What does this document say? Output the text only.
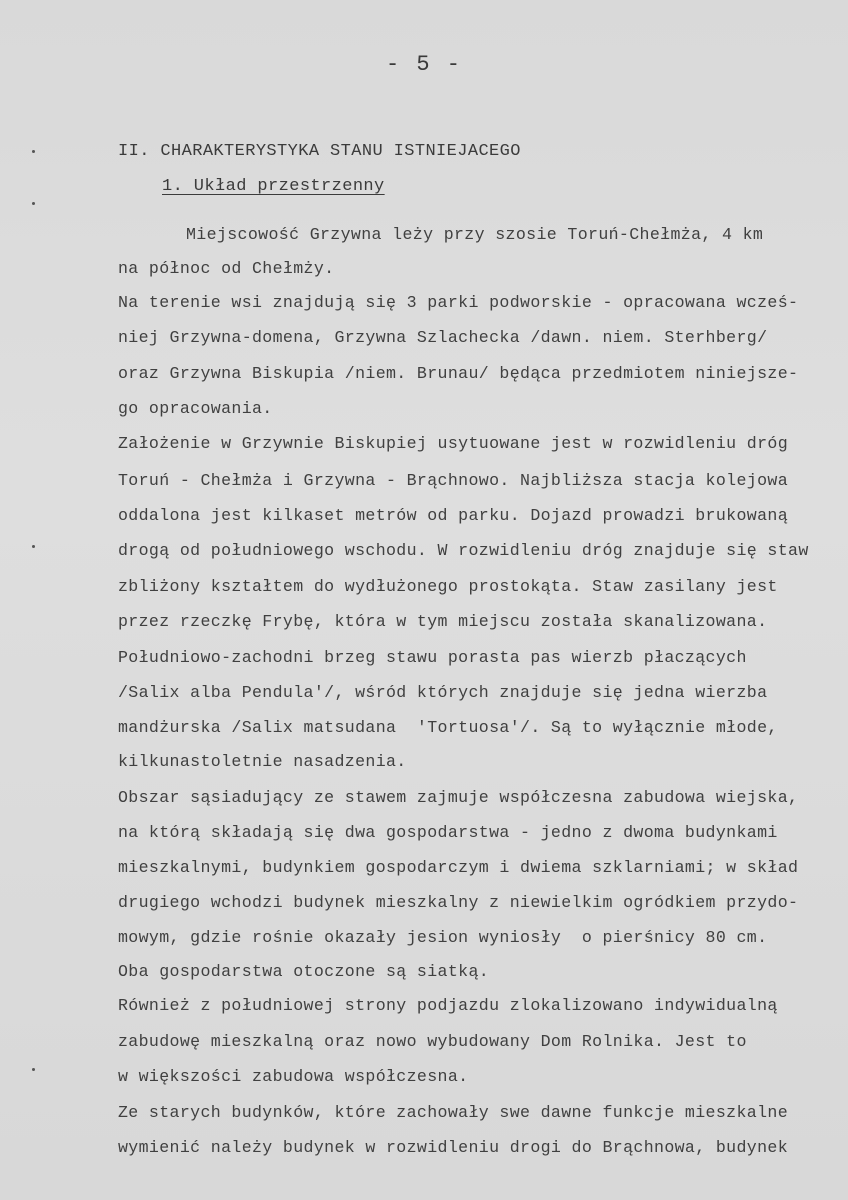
- 5 -
II. CHARAKTERYSTYKA STANU ISTNIEJACEGO
1. Układ przestrzenny
Miejscowość Grzywna leży przy szosie Toruń-Chełmża, 4 km
na północ od Chełmży.
Na terenie wsi znajdują się 3 parki podworskie - opracowana wcześ-
niej Grzywna-domena, Grzywna Szlachecka /dawn. niem. Sterhberg/
oraz Grzywna Biskupia /niem. Brunau/ będąca przedmiotem niniejsze-
go opracowania.
Założenie w Grzywnie Biskupiej usytuowane jest w rozwidleniu dróg
Toruń - Chełmża i Grzywna - Brąchnowo. Najbliższa stacja kolejowa
oddalona jest kilkaset metrów od parku. Dojazd prowadzi brukowaną
drogą od południowego wschodu. W rozwidleniu dróg znajduje się staw
zbliżony kształtem do wydłużonego prostokąta. Staw zasilany jest
przez rzeczkę Frybę, która w tym miejscu została skanalizowana.
Południowo-zachodni brzeg stawu porasta pas wierzb płaczących
/Salix alba Pendula'/, wśród których znajduje się jedna wierzba
mandżurska /Salix matsudana  'Tortuosa'/. Są to wyłącznie młode,
kilkunastoletnie nasadzenia.
Obszar sąsiadujący ze stawem zajmuje współczesna zabudowa wiejska,
na którą składają się dwa gospodarstwa - jedno z dwoma budynkami
mieszkalnymi, budynkiem gospodarczym i dwiema szklarniami; w skład
drugiego wchodzi budynek mieszkalny z niewielkim ogródkiem przydo-
mowym, gdzie rośnie okazały jesion wyniosły  o pierśnicy 80 cm.
Oba gospodarstwa otoczone są siatką.
Również z południowej strony podjazdu zlokalizowano indywidualną
zabudowę mieszkalną oraz nowo wybudowany Dom Rolnika. Jest to
w większości zabudowa współczesna.
Ze starych budynków, które zachowały swe dawne funkcje mieszkalne
wymienić należy budynek w rozwidleniu drogi do Brąchnowa, budynek
